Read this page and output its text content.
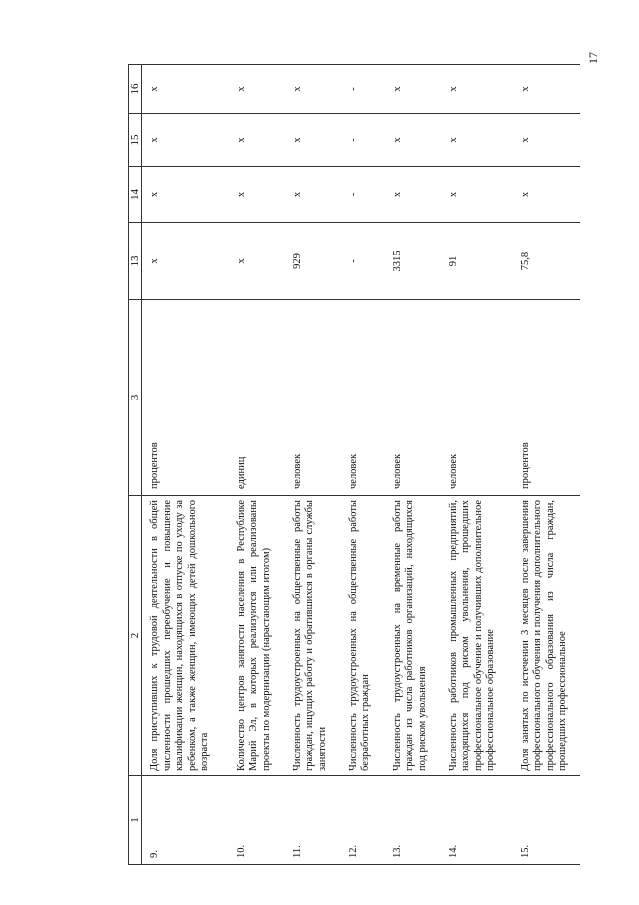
17
1	2	3	13	14	15	16
9.	Доля приступивших к трудовой деятельности в общей численности прошедших переобучение и повышение квалификации женщин, находящихся в отпуске по уходу за ребенком, а также женщин, имеющих детей дошкольного возраста	процентов	х	х	х	х
10.	Количество центров занятости населения в Республике Марий Эл, в которых реализуются или реализованы проекты по модернизации (нарастающим итогом)	единиц	х	х	х	х
11.	Численность трудоустроенных на общественные работы граждан, ищущих работу и обратившихся в органы службы занятости	человек	929	х	х	х
12.	Численность трудоустроенных на общественные работы безработных граждан	человек	-	-	-	-
13.	Численность трудоустроенных на временные работы граждан из числа работников организаций, находящихся под риском увольнения	человек	3315	х	х	х
14.	Численность работников промышленных предприятий, находящихся под риском увольнения, прошедших профессиональное обучение и получивших дополнительное профессиональное образование	человек	91	х	х	х
15.	Доля занятых по истечении 3 месяцев после завершения профессионального обучения и получения дополнительного профессионального образования из числа граждан, прошедших профессиональное	процентов	75,8	х	х	х
